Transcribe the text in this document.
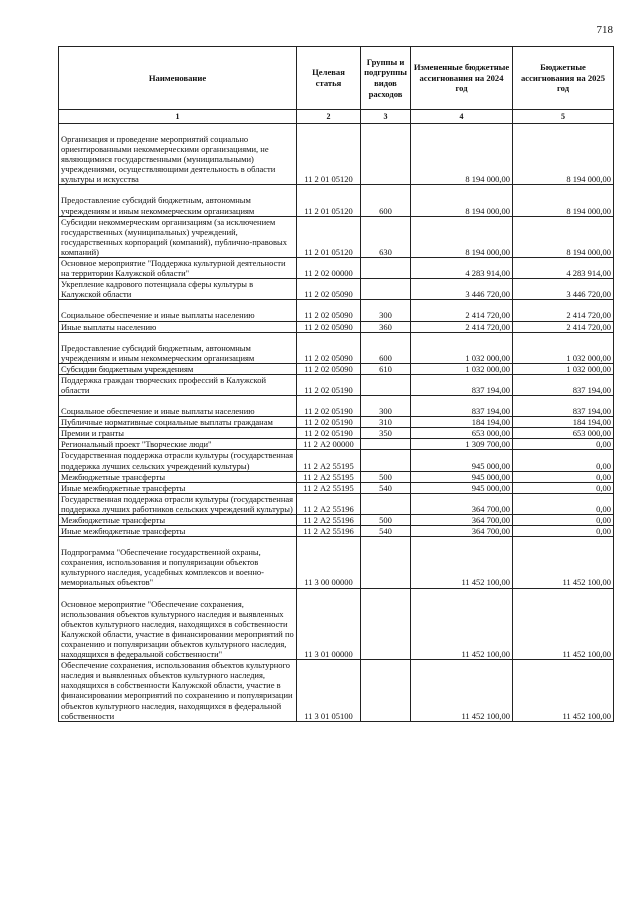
718
Наименование	Целевая статья	Группы и подгруппы видов расходов	Измененные бюджетные ассигнования на 2024 год	Бюджетные ассигнования на 2025 год
1	2	3	4	5
Организация и проведение мероприятий социально ориентированными некоммерческими организациями, не являющимися государственными (муниципальными) учреждениями, осуществляющими деятельность в области культуры и искусства	11 2 01 05120		8 194 000,00	8 194 000,00
Предоставление субсидий бюджетным, автономным учреждениям и иным некоммерческим организациям	11 2 01 05120	600	8 194 000,00	8 194 000,00
Субсидии некоммерческим организациям (за исключением государственных (муниципальных) учреждений, государственных корпораций (компаний), публично-правовых компаний)	11 2 01 05120	630	8 194 000,00	8 194 000,00
Основное мероприятие "Поддержка культурной деятельности на территории Калужской области"	11 2 02 00000		4 283 914,00	4 283 914,00
Укрепление кадрового потенциала сферы культуры в Калужской области	11 2 02 05090		3 446 720,00	3 446 720,00
Социальное обеспечение и иные выплаты населению	11 2 02 05090	300	2 414 720,00	2 414 720,00
Иные выплаты населению	11 2 02 05090	360	2 414 720,00	2 414 720,00
Предоставление субсидий бюджетным, автономным учреждениям и иным некоммерческим организациям	11 2 02 05090	600	1 032 000,00	1 032 000,00
Субсидии бюджетным учреждениям	11 2 02 05090	610	1 032 000,00	1 032 000,00
Поддержка граждан творческих профессий в Калужской области	11 2 02 05190		837 194,00	837 194,00
Социальное обеспечение и иные выплаты населению	11 2 02 05190	300	837 194,00	837 194,00
Публичные нормативные социальные выплаты гражданам	11 2 02 05190	310	184 194,00	184 194,00
Премии и гранты	11 2 02 05190	350	653 000,00	653 000,00
Региональный проект "Творческие люди"	11 2 А2 00000		1 309 700,00	0,00
Государственная поддержка отрасли культуры (государственная поддержка лучших сельских учреждений культуры)	11 2 А2 55195		945 000,00	0,00
Межбюджетные трансферты	11 2 А2 55195	500	945 000,00	0,00
Иные межбюджетные трансферты	11 2 А2 55195	540	945 000,00	0,00
Государственная поддержка отрасли культуры (государственная поддержка лучших работников сельских учреждений культуры)	11 2 А2 55196		364 700,00	0,00
Межбюджетные трансферты	11 2 А2 55196	500	364 700,00	0,00
Иные межбюджетные трансферты	11 2 А2 55196	540	364 700,00	0,00
Подпрограмма "Обеспечение государственной охраны, сохранения, использования и популяризации объектов культурного наследия, усадебных комплексов и военно-мемориальных объектов"	11 3 00 00000		11 452 100,00	11 452 100,00
Основное мероприятие "Обеспечение сохранения, использования объектов культурного наследия и выявленных объектов культурного наследия, находящихся в собственности Калужской области, участие в финансировании мероприятий по сохранению и популяризации объектов культурного наследия, находящихся в федеральной собственности"	11 3 01 00000		11 452 100,00	11 452 100,00
Обеспечение сохранения, использования объектов культурного наследия и выявленных объектов культурного наследия, находящихся в собственности Калужской области, участие в финансировании мероприятий по сохранению и популяризации объектов культурного наследия, находящихся в федеральной собственности	11 3 01 05100		11 452 100,00	11 452 100,00
